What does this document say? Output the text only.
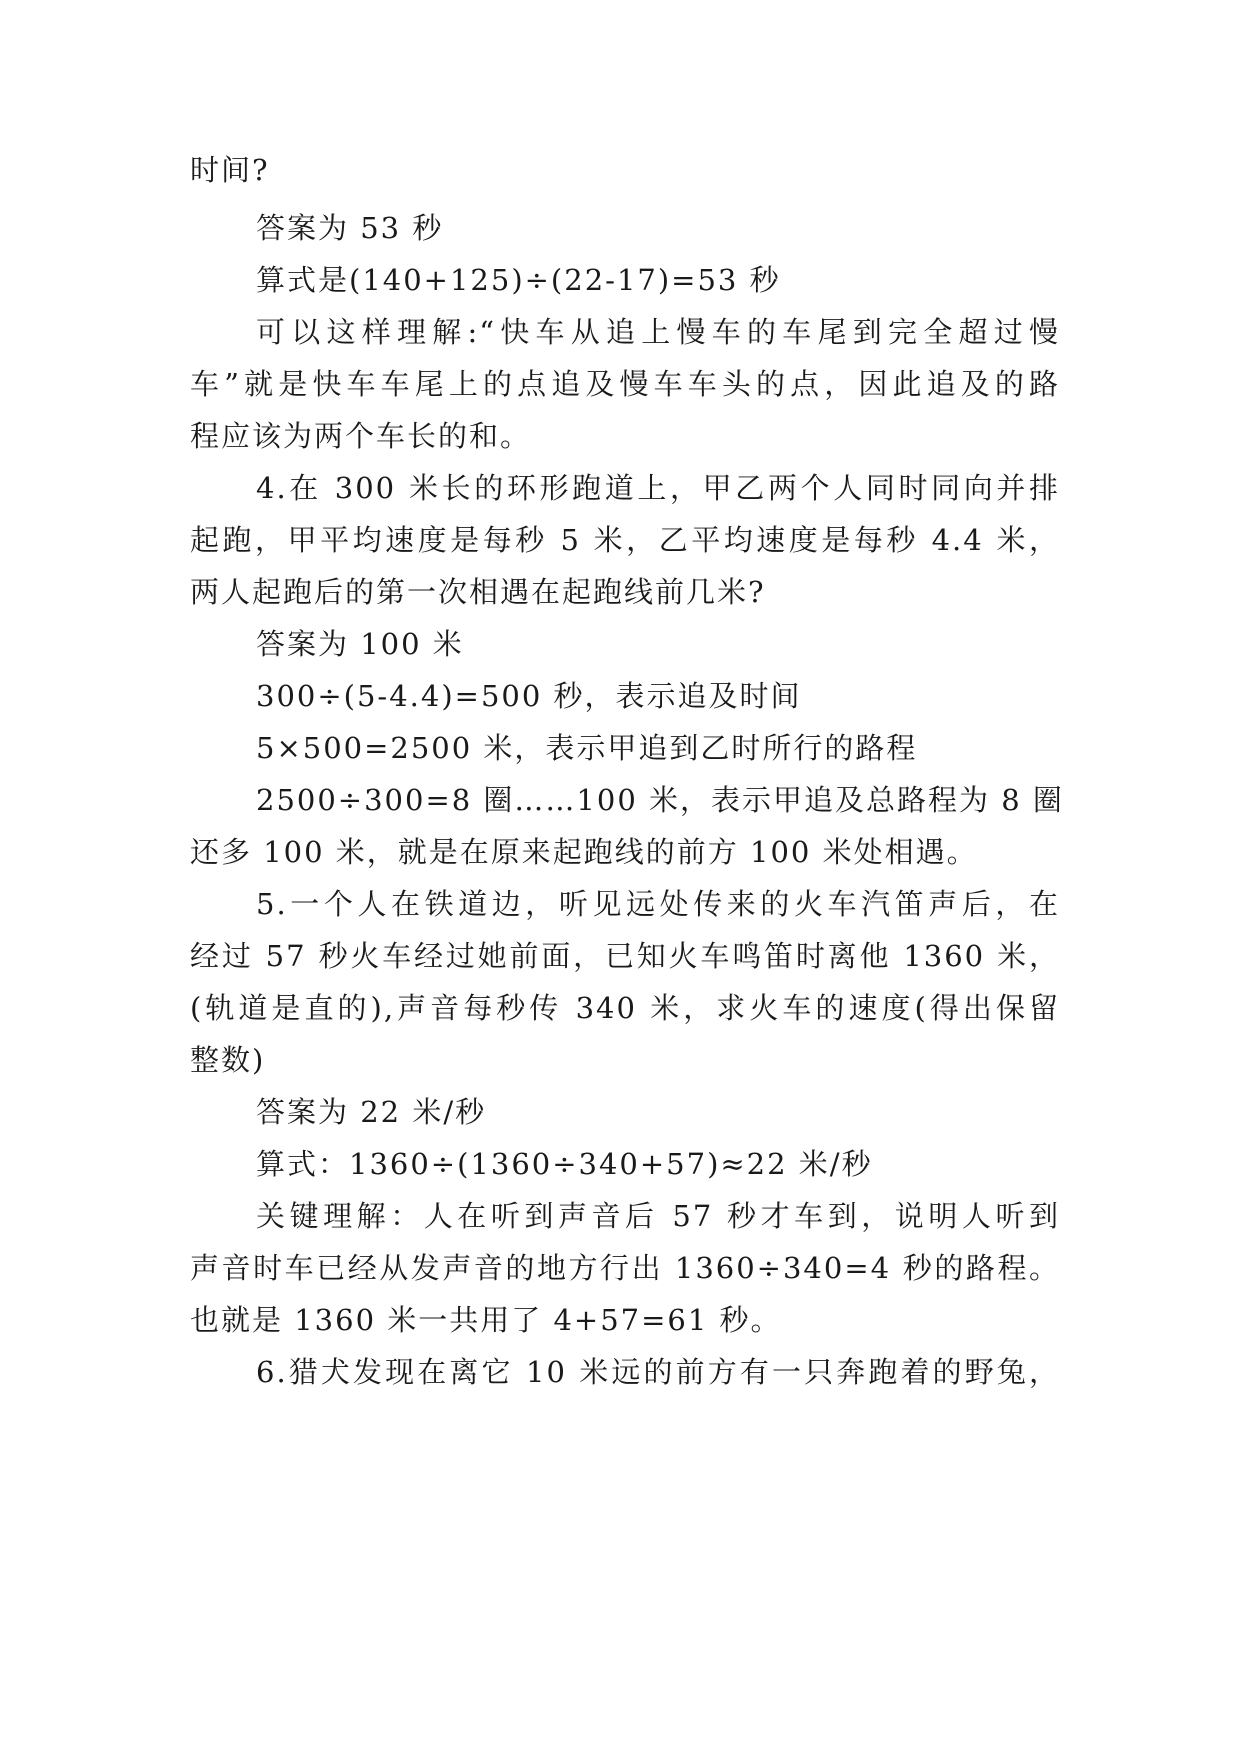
时间?
答案为 53 秒
算式是(140+125)÷(22-17)=53 秒
可以这样理解:“快车从追上慢车的车尾到完全超过慢
车”就是快车车尾上的点追及慢车车头的点，因此追及的路
程应该为两个车长的和。
4.在 300 米长的环形跑道上，甲乙两个人同时同向并排
起跑，甲平均速度是每秒 5 米，乙平均速度是每秒 4.4 米，
两人起跑后的第一次相遇在起跑线前几米?
答案为 100 米
300÷(5-4.4)=500 秒，表示追及时间
5×500=2500 米，表示甲追到乙时所行的路程
2500÷300=8 圈……100 米，表示甲追及总路程为 8 圈
还多 100 米，就是在原来起跑线的前方 100 米处相遇。
5.一个人在铁道边，听见远处传来的火车汽笛声后，在
经过 57 秒火车经过她前面，已知火车鸣笛时离他 1360 米，
(轨道是直的),声音每秒传 340 米，求火车的速度(得出保留
整数)
答案为 22 米/秒
算式：1360÷(1360÷340+57)≈22 米/秒
关键理解：人在听到声音后 57 秒才车到，说明人听到
声音时车已经从发声音的地方行出 1360÷340=4 秒的路程。
也就是 1360 米一共用了 4+57=61 秒。
6.猎犬发现在离它 10 米远的前方有一只奔跑着的野兔，
